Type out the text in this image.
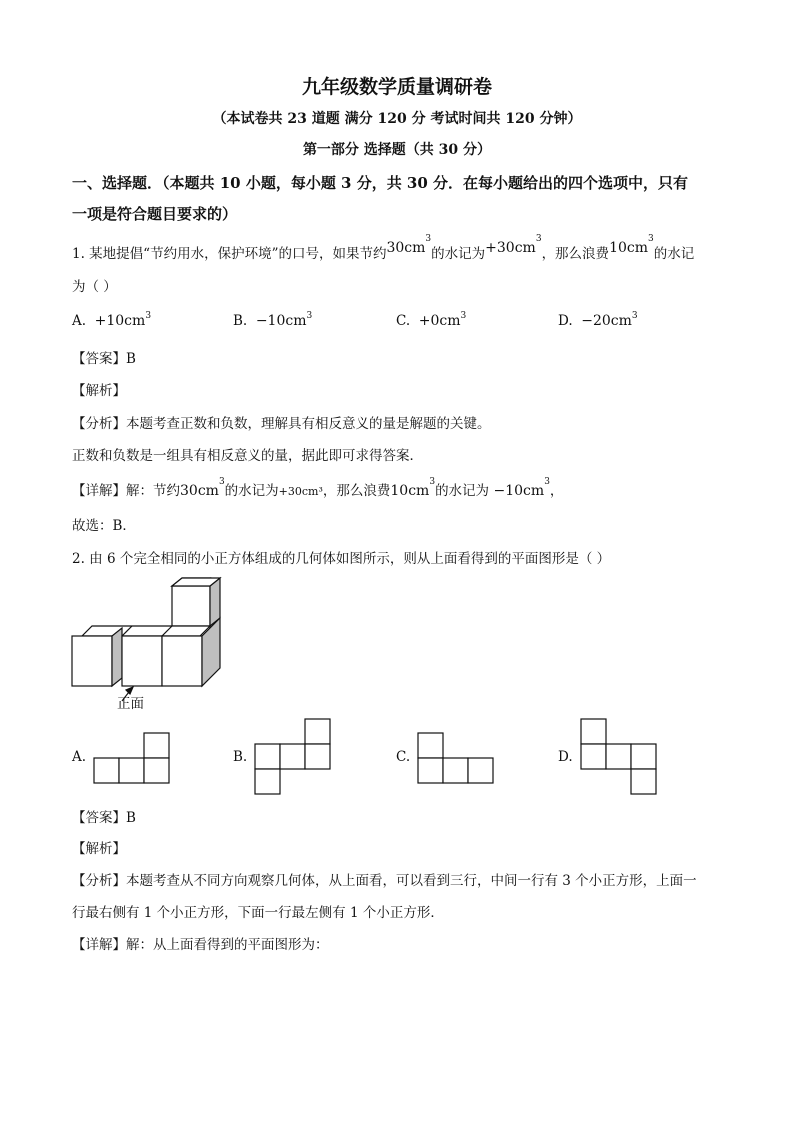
九年级数学质量调研卷
（本试卷共 23 道题 满分 120 分 考试时间共 120 分钟）
第一部分 选择题（共 30 分）
一、选择题．（本题共 10 小题，每小题 3 分，共 30 分．在每小题给出的四个选项中，只有
一项是符合题目要求的）
1. 某地提倡“节约用水，保护环境”的口号，如果节约$30cm^3$的水记为$+30cm^3$，那么浪费$10cm^3$的水记
为（ ）
A. $+10cm^3$	B. $-10cm^3$	C. $+0cm^3$	D. $-20cm^3$
【答案】B
【解析】
【分析】本题考查正数和负数，理解具有相反意义的量是解题的关键。
正数和负数是一组具有相反意义的量，据此即可求得答案．
【详解】解：节约$30cm^3$的水记为+30cm³，那么浪费$10cm^3$的水记为 $-10cm^3$，
故选：B．
2. 由 6 个完全相同的小正方体组成的几何体如图所示，则从上面看得到的平面图形是（ ）
正面
A.	B.	C.	D.
【答案】B
【解析】
【分析】本题考查从不同方向观察几何体，从上面看，可以看到三行，中间一行有 3 个小正方形，上面一
行最右侧有 1 个小正方形，下面一行最左侧有 1 个小正方形．
【详解】解：从上面看得到的平面图形为：
